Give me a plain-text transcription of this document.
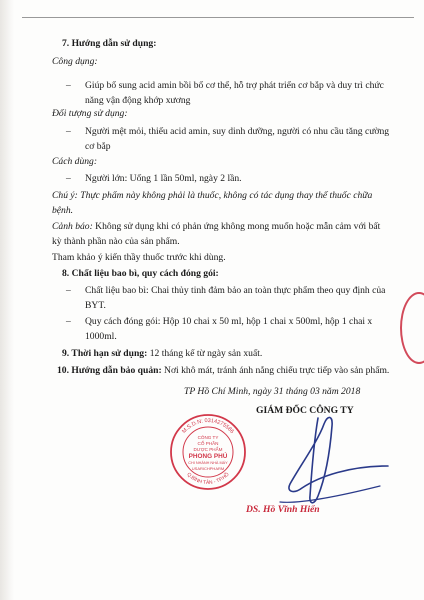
7. Hướng dẫn sử dụng:
Công dụng:
– Giúp bổ sung acid amin bồi bổ cơ thể, hỗ trợ phát triển cơ bắp và duy trì chức
năng vận động khớp xương
Đối tượng sử dụng:
– Người mệt mỏi, thiếu acid amin, suy dinh dưỡng, người có nhu cầu tăng cường
cơ bắp
Cách dùng:
– Người lớn: Uống 1 lần 50ml, ngày 2 lần.
Chú ý: Thực phẩm này không phải là thuốc, không có tác dụng thay thế thuốc chữa
bệnh.
Cảnh báo: Không sử dụng khi có phản ứng không mong muốn hoặc mẫn cảm với bất
kỳ thành phần nào của sản phẩm.
Tham khảo ý kiến thầy thuốc trước khi dùng.
8. Chất liệu bao bì, quy cách đóng gói:
– Chất liệu bao bì: Chai thủy tinh đảm bảo an toàn thực phẩm theo quy định của
BYT.
– Quy cách đóng gói: Hộp 10 chai x 50 ml, hộp 1 chai x 500ml, hộp 1 chai x
1000ml.
9. Thời hạn sử dụng: 12 tháng kể từ ngày sản xuất.
10. Hướng dẫn bảo quản: Nơi khô mát, tránh ánh nắng chiếu trực tiếp vào sản phẩm.
TP Hồ Chí Minh, ngày 31 tháng 03 năm 2018
GIÁM ĐỐC CÔNG TY
M.S.D.N: 0314275586
Q.BÌNH TÂN - TP.HỒ
CÔNG TY
CỔ PHẦN
DƯỢC PHẨM
PHONG PHÚ
CHI NHÁNH NHÀ MÁY
USARICHPHARM
DS. Hồ Vĩnh Hiển
